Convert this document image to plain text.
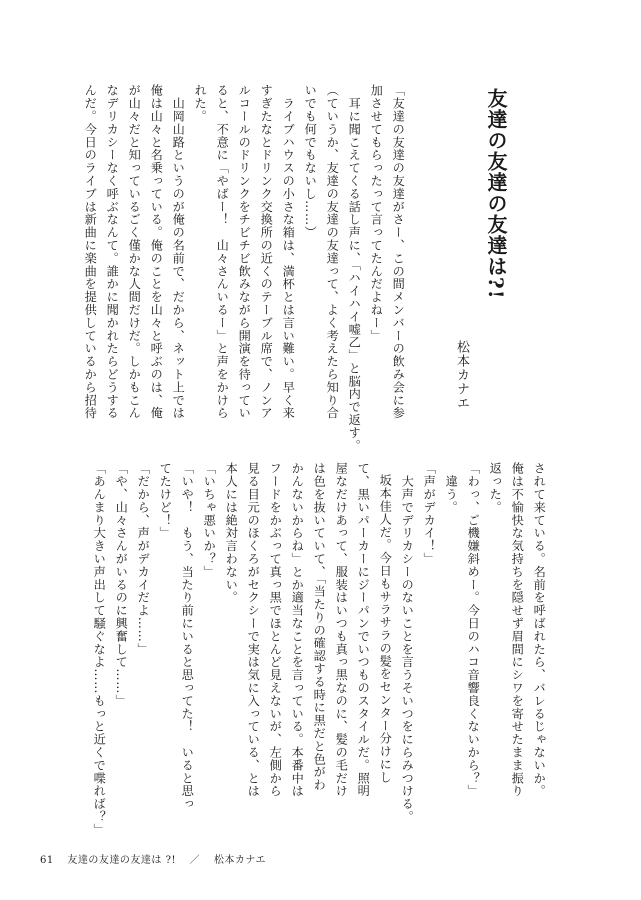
友達の友達の友達は?!
松本カナエ
「友達の友達の友達がさー、この間メンバーの飲み会に参
加させてもらったって言ってたんだよねー」
　耳に聞こえてくる話し声に、「ハイハイ嘘乙」と脳内で返す。
（ていうか、友達の友達の友達って、よく考えたら知り合
いでも何でもないし……）
　ライブハウスの小さな箱は、満杯とは言い難い。早く来
すぎたなとドリンク交換所の近くのテーブル席で、ノンア
ルコールのドリンクをチビチビ飲みながら開演を待ってい
ると、不意に「やばー！　山々さんいるー」と声をかけら
れた。
　山岡山路というのが俺の名前で、だから、ネット上では
俺は山々と名乗っている。俺のことを山々と呼ぶのは、俺
が山々だと知っているごく僅かな人間だけだ。しかもこん
なデリカシーなく呼ぶなんて。誰かに聞かれたらどうする
んだ。今日のライブは新曲に楽曲を提供しているから招待
されて来ている。名前を呼ばれたら、バレるじゃないか。
俺は不愉快な気持ちを隠せず眉間にシワを寄せたまま振り
返った。
「わっ、ご機嫌斜めー。今日のハコ音響良くないから？」
　違う。
「声がデカイ！」
　大声でデリカシーのないことを言うそいつをにらみつける。
坂本佳人だ。今日もサラサラの髪をセンター分けにし
て、黒いパーカーにジーパンでいつものスタイルだ。照明
屋なだけあって、服装はいつも真っ黒なのに、髪の毛だけ
は色を抜いていて、「当たりの確認する時に黒だと色がわ
かんないからね」とか適当なことを言っている。本番中は
フードをかぶって真っ黒でほとんど見えないが、左側から
見る目元のほくろがセクシーで実は気に入っている、とは
本人には絶対言わない。
「いちゃ悪いか？」
「いや！　もう、当たり前にいると思ってた！　いると思っ
てたけど！」
「だから、声がデカイだよ……」
「や、山々さんがいるのに興奮して……」
「あんまり大きい声出して騒ぐなよ……もっと近くで喋れば？」
61 友達の友達の友達は ?! ／ 松本カナエ
